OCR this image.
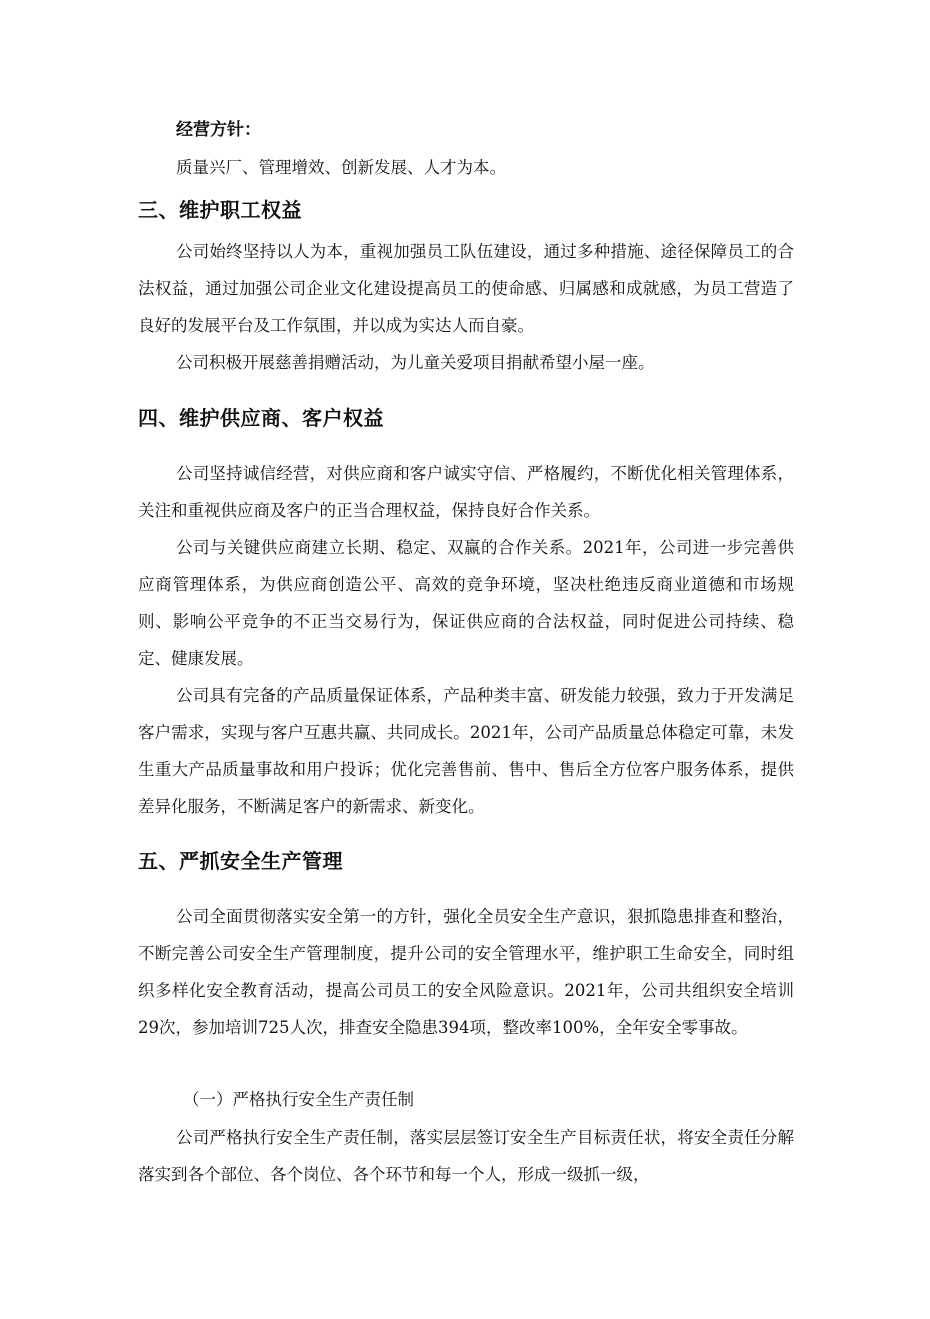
经营方针：

质量兴厂、管理增效、创新发展、人才为本。

三、维护职工权益

公司始终坚持以人为本，重视加强员工队伍建设，通过多种措施、途径保障员工的合法权益，通过加强公司企业文化建设提高员工的使命感、归属感和成就感，为员工营造了良好的发展平台及工作氛围，并以成为实达人而自豪。

公司积极开展慈善捐赠活动，为儿童关爱项目捐献希望小屋一座。

四、维护供应商、客户权益

公司坚持诚信经营，对供应商和客户诚实守信、严格履约，不断优化相关管理体系，关注和重视供应商及客户的正当合理权益，保持良好合作关系。

公司与关键供应商建立长期、稳定、双赢的合作关系。2021年，公司进一步完善供应商管理体系，为供应商创造公平、高效的竞争环境，坚决杜绝违反商业道德和市场规则、影响公平竞争的不正当交易行为，保证供应商的合法权益，同时促进公司持续、稳定、健康发展。

公司具有完备的产品质量保证体系，产品种类丰富、研发能力较强，致力于开发满足客户需求，实现与客户互惠共赢、共同成长。2021年，公司产品质量总体稳定可靠，未发生重大产品质量事故和用户投诉；优化完善售前、售中、售后全方位客户服务体系，提供差异化服务，不断满足客户的新需求、新变化。

五、严抓安全生产管理

公司全面贯彻落实安全第一的方针，强化全员安全生产意识，狠抓隐患排查和整治，不断完善公司安全生产管理制度，提升公司的安全管理水平，维护职工生命安全，同时组织多样化安全教育活动，提高公司员工的安全风险意识。2021年，公司共组织安全培训29次，参加培训725人次，排查安全隐患394项，整改率100%，全年安全零事故。

（一）严格执行安全生产责任制

公司严格执行安全生产责任制，落实层层签订安全生产目标责任状，将安全责任分解落实到各个部位、各个岗位、各个环节和每一个人，形成一级抓一级，
